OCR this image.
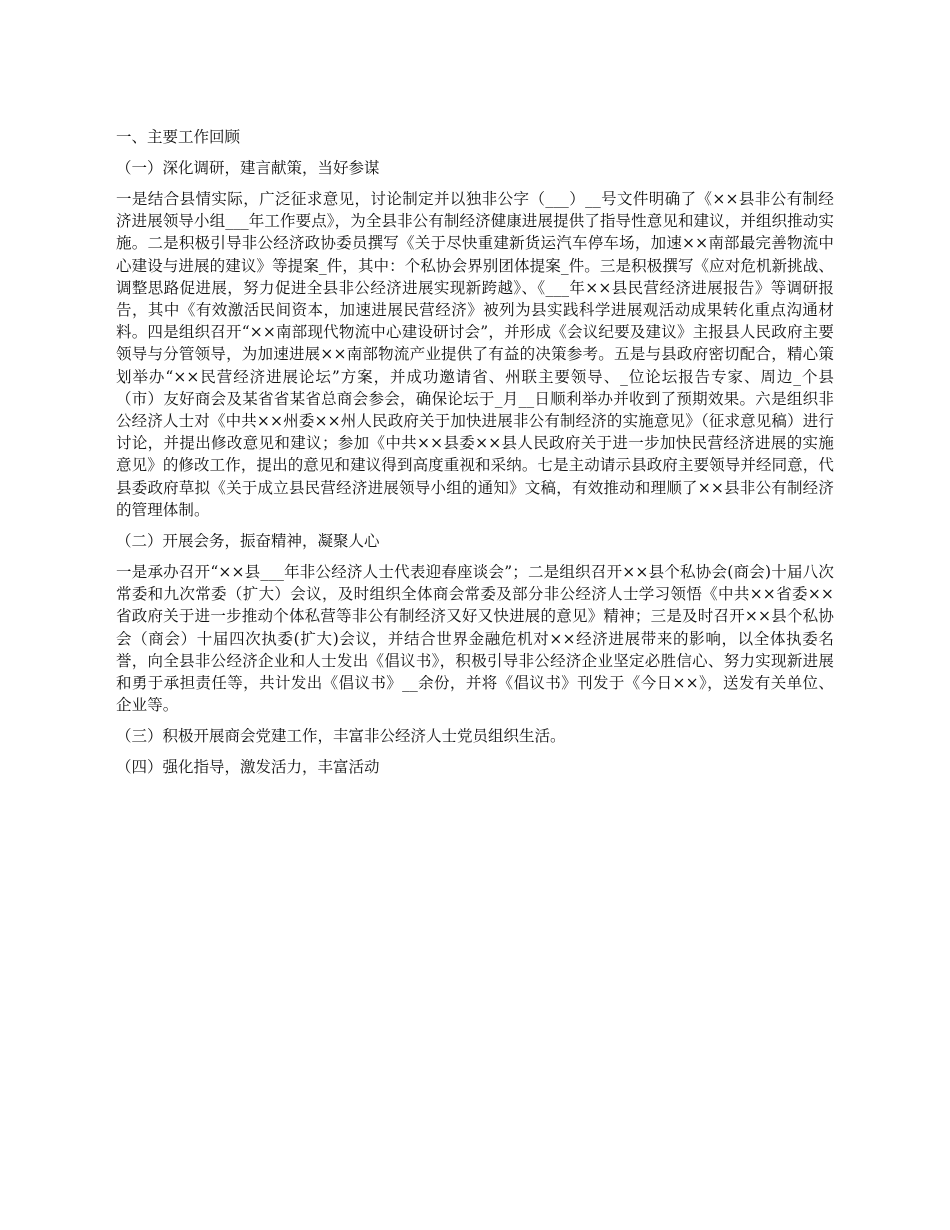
一、主要工作回顾
（一）深化调研，建言献策，当好参谋
一是结合县情实际，广泛征求意见，讨论制定并以独非公字（___）__号文件明确了《××县非公有制经济进展领导小组___年工作要点》，为全县非公有制经济健康进展提供了指导性意见和建议，并组织推动实施。二是积极引导非公经济政协委员撰写《关于尽快重建新货运汽车停车场，加速××南部最完善物流中心建设与进展的建议》等提案_件，其中：个私协会界别团体提案_件。三是积极撰写《应对危机新挑战、调整思路促进展，努力促进全县非公经济进展实现新跨越》、《___年××县民营经济进展报告》等调研报告，其中《有效激活民间资本，加速进展民营经济》被列为县实践科学进展观活动成果转化重点沟通材料。四是组织召开“××南部现代物流中心建设研讨会”，并形成《会议纪要及建议》主报县人民政府主要领导与分管领导，为加速进展××南部物流产业提供了有益的决策参考。五是与县政府密切配合，精心策划举办“××民营经济进展论坛”方案，并成功邀请省、州联主要领导、_位论坛报告专家、周边_个县（市）友好商会及某省省某省总商会参会，确保论坛于_月__日顺利举办并收到了预期效果。六是组织非公经济人士对《中共××州委××州人民政府关于加快进展非公有制经济的实施意见》（征求意见稿）进行讨论，并提出修改意见和建议；参加《中共××县委××县人民政府关于进一步加快民营经济进展的实施意见》的修改工作，提出的意见和建议得到高度重视和采纳。七是主动请示县政府主要领导并经同意，代县委政府草拟《关于成立县民营经济进展领导小组的通知》文稿，有效推动和理顺了××县非公有制经济的管理体制。
（二）开展会务，振奋精神，凝聚人心
一是承办召开“××县___年非公经济人士代表迎春座谈会”；二是组织召开××县个私协会(商会)十届八次常委和九次常委（扩大）会议，及时组织全体商会常委及部分非公经济人士学习领悟《中共××省委××省政府关于进一步推动个体私营等非公有制经济又好又快进展的意见》精神；三是及时召开××县个私协会（商会）十届四次执委(扩大)会议，并结合世界金融危机对××经济进展带来的影响，以全体执委名誉，向全县非公经济企业和人士发出《倡议书》，积极引导非公经济企业坚定必胜信心、努力实现新进展和勇于承担责任等，共计发出《倡议书》__余份，并将《倡议书》刊发于《今日××》，送发有关单位、企业等。
（三）积极开展商会党建工作，丰富非公经济人士党员组织生活。
（四）强化指导，激发活力，丰富活动
